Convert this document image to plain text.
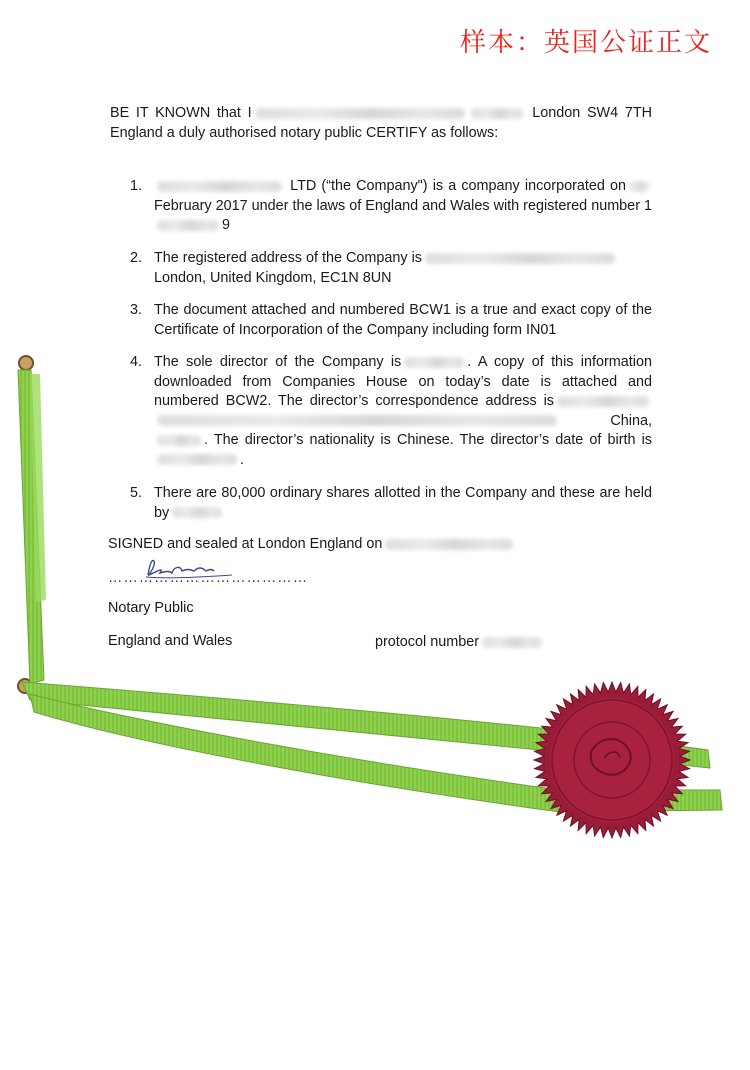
样本：英国公证正文
BE IT KNOWN that I	London SW4 7TH England a duly authorised notary public CERTIFY as follows:
1.	LTD (“the Company") is a company incorporated on February 2017 under the laws of England and Wales with registered number 19
2. The registered address of the Company is
London, United Kingdom, EC1N 8UN
3. The document attached and numbered BCW1 is a true and exact copy of the Certificate of Incorporation of the Company including form IN01
4. The sole director of the Company is	. A copy of this information downloaded from Companies House on today’s date is attached and numbered BCW2. The director’s correspondence address is China,. The director’s nationality is Chinese. The director’s date of birth is .
5. There are 80,000 ordinary shares allotted in the Company and these are held by
SIGNED and sealed at London England on
…………………………………
Notary Public
England and Wales	protocol number
